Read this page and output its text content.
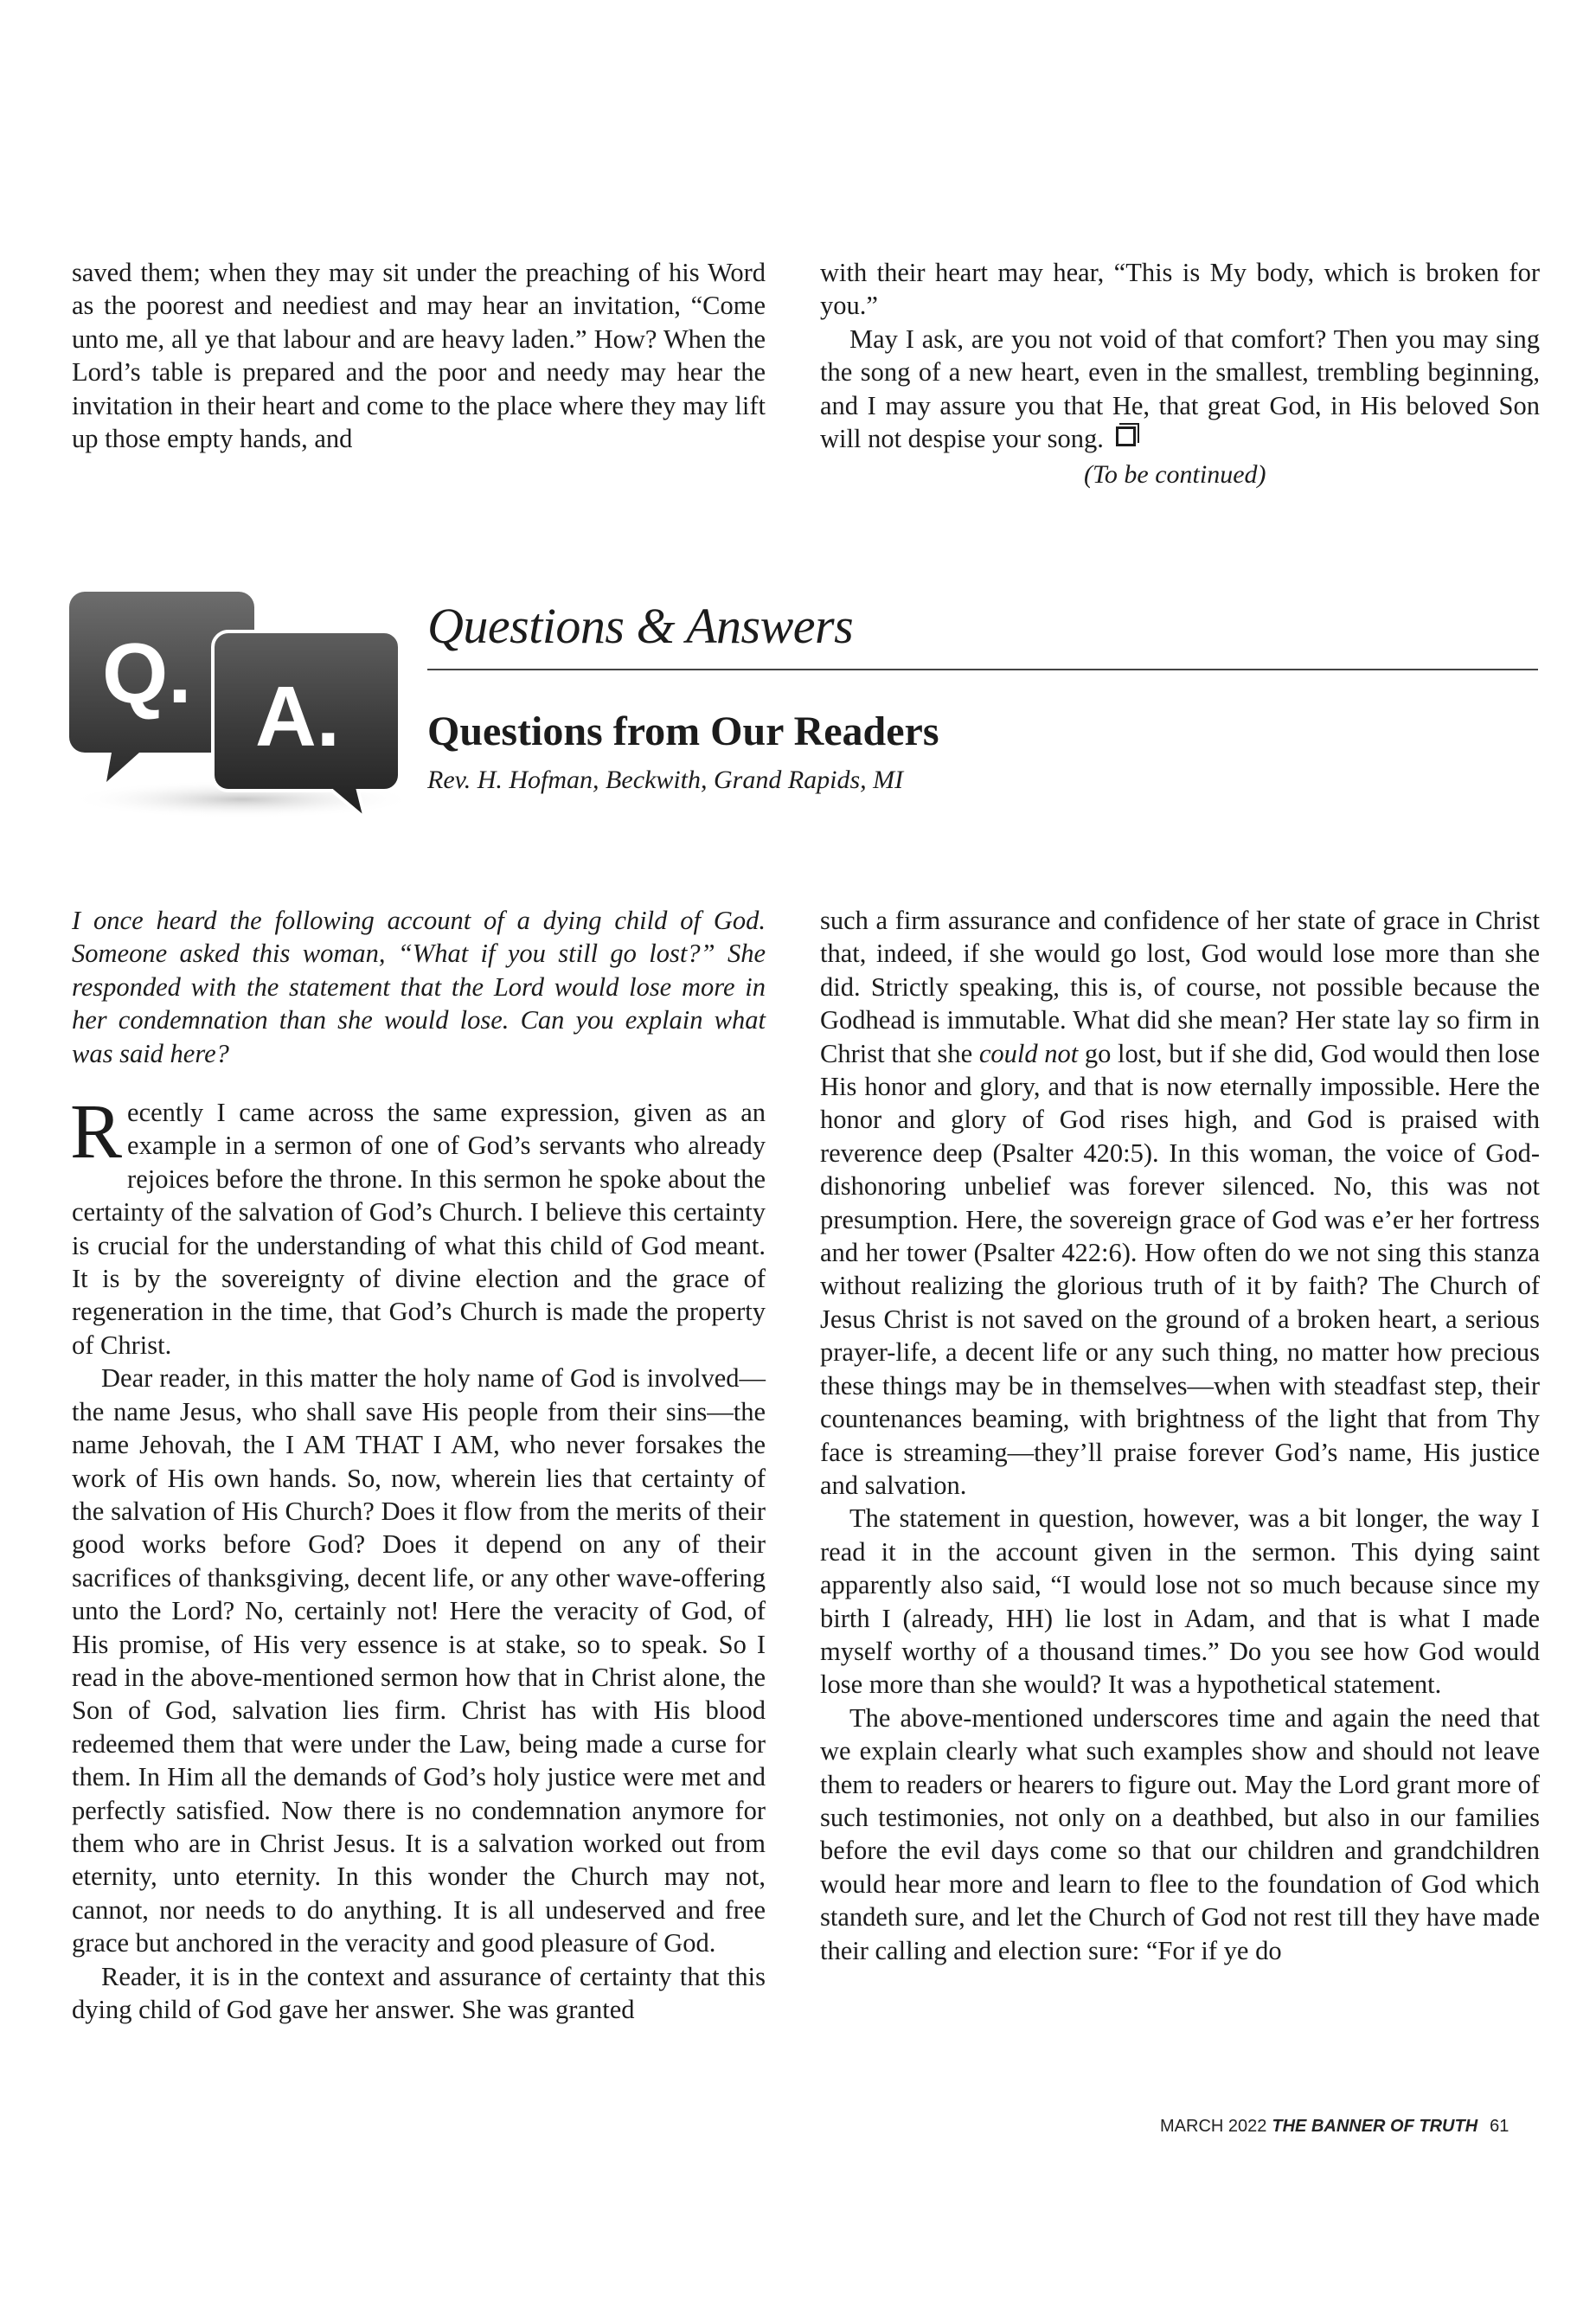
saved them; when they may sit under the preaching of his Word as the poorest and neediest and may hear an invitation, “Come unto me, all ye that labour and are heavy laden.” How? When the Lord’s table is prepared and the poor and needy may hear the invitation in their heart and come to the place where they may lift up those empty hands, and

with their heart may hear, “This is My body, which is broken for you.”

May I ask, are you not void of that comfort? Then you may sing the song of a new heart, even in the smallest, trembling beginning, and I may assure you that He, that great God, in His beloved Son will not despise your song.

(To be continued)
Q. A.
Questions & Answers
Questions from Our Readers
Rev. H. Hofman, Beckwith, Grand Rapids, MI

I once heard the following account of a dying child of God. Someone asked this woman, “What if you still go lost?” She responded with the statement that the Lord would lose more in her condemnation than she would lose. Can you explain what was said here?

Recently I came across the same expression, given as an example in a sermon of one of God’s servants who already rejoices before the throne. In this sermon he spoke about the certainty of the salvation of God’s Church. I believe this certainty is crucial for the understanding of what this child of God meant. It is by the sovereignty of divine election and the grace of regeneration in the time, that God’s Church is made the property of Christ.

Dear reader, in this matter the holy name of God is involved—the name Jesus, who shall save His people from their sins—the name Jehovah, the I AM THAT I AM, who never forsakes the work of His own hands. So, now, wherein lies that certainty of the salvation of His Church? Does it flow from the merits of their good works before God? Does it depend on any of their sacrifices of thanksgiving, decent life, or any other wave-offering unto the Lord? No, certainly not! Here the veracity of God, of His promise, of His very essence is at stake, so to speak. So I read in the above-mentioned sermon how that in Christ alone, the Son of God, salvation lies firm. Christ has with His blood redeemed them that were under the Law, being made a curse for them. In Him all the demands of God’s holy justice were met and perfectly satisfied. Now there is no condemnation anymore for them who are in Christ Jesus. It is a salvation worked out from eternity, unto eternity. In this wonder the Church may not, cannot, nor needs to do anything. It is all undeserved and free grace but anchored in the veracity and good pleasure of God.

Reader, it is in the context and assurance of certainty that this dying child of God gave her answer. She was granted

such a firm assurance and confidence of her state of grace in Christ that, indeed, if she would go lost, God would lose more than she did. Strictly speaking, this is, of course, not possible because the Godhead is immutable. What did she mean? Her state lay so firm in Christ that she could not go lost, but if she did, God would then lose His honor and glory, and that is now eternally impossible. Here the honor and glory of God rises high, and God is praised with reverence deep (Psalter 420:5). In this woman, the voice of God-dishonoring unbelief was forever silenced. No, this was not presumption. Here, the sovereign grace of God was e’er her fortress and her tower (Psalter 422:6). How often do we not sing this stanza without realizing the glorious truth of it by faith? The Church of Jesus Christ is not saved on the ground of a broken heart, a serious prayer-life, a decent life or any such thing, no matter how precious these things may be in themselves—when with steadfast step, their countenances beaming, with brightness of the light that from Thy face is streaming—they’ll praise forever God’s name, His justice and salvation.

The statement in question, however, was a bit longer, the way I read it in the account given in the sermon. This dying saint apparently also said, “I would lose not so much because since my birth I (already, HH) lie lost in Adam, and that is what I made myself worthy of a thousand times.” Do you see how God would lose more than she would? It was a hypothetical statement.

The above-mentioned underscores time and again the need that we explain clearly what such examples show and should not leave them to readers or hearers to figure out. May the Lord grant more of such testimonies, not only on a deathbed, but also in our families before the evil days come so that our children and grandchildren would hear more and learn to flee to the foundation of God which standeth sure, and let the Church of God not rest till they have made their calling and election sure: “For if ye do

MARCH 2022 THE BANNER OF TRUTH 61
